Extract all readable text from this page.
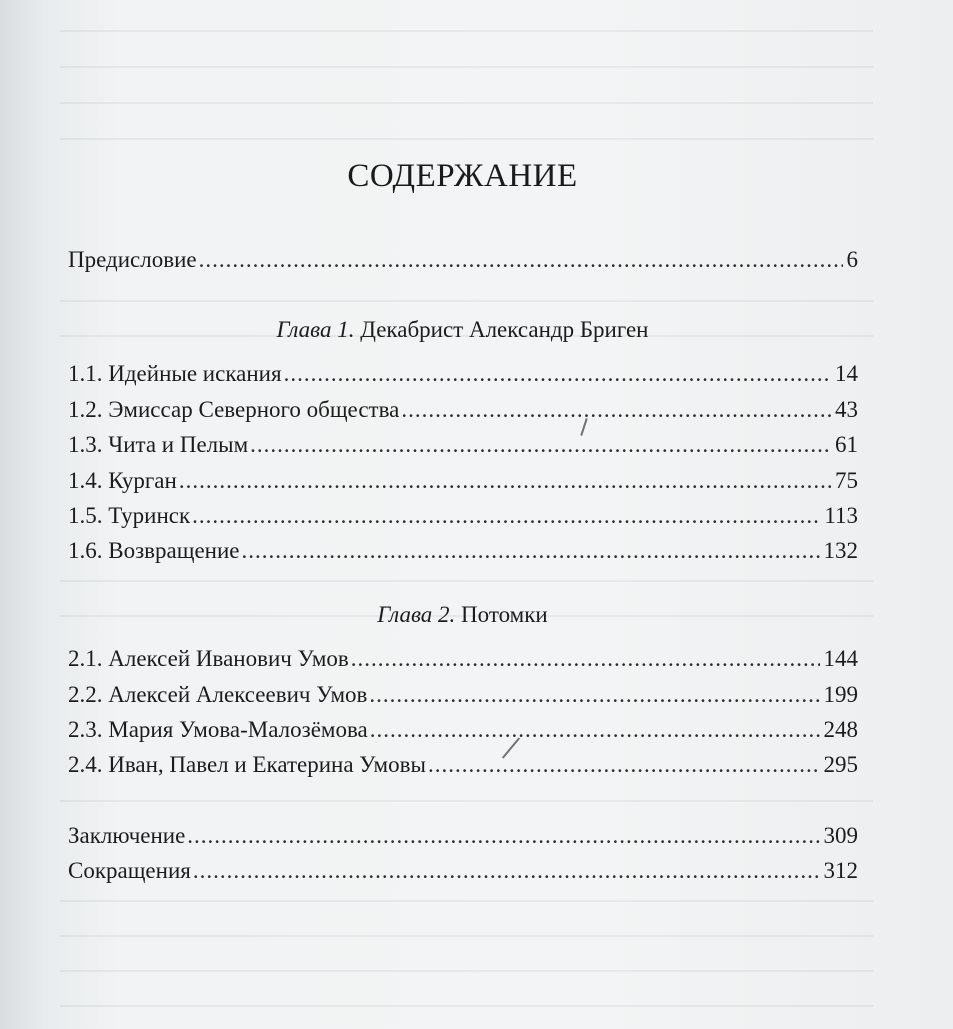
СОДЕРЖАНИЕ
Предисловие .....	6
Глава 1. Декабрист Александр Бриген
1.1. Идейные искания .....	14
1.2. Эмиссар Северного общества .....	43
1.3. Чита и Пелым .....	61
1.4. Курган .....	75
1.5. Туринск .....	113
1.6. Возвращение .....	132
Глава 2. Потомки
2.1. Алексей Иванович Умов .....	144
2.2. Алексей Алексеевич Умов .....	199
2.3. Мария Умова-Малозёмова .....	248
2.4. Иван, Павел и Екатерина Умовы .....	295
Заключение .....	309
Сокращения .....	312
